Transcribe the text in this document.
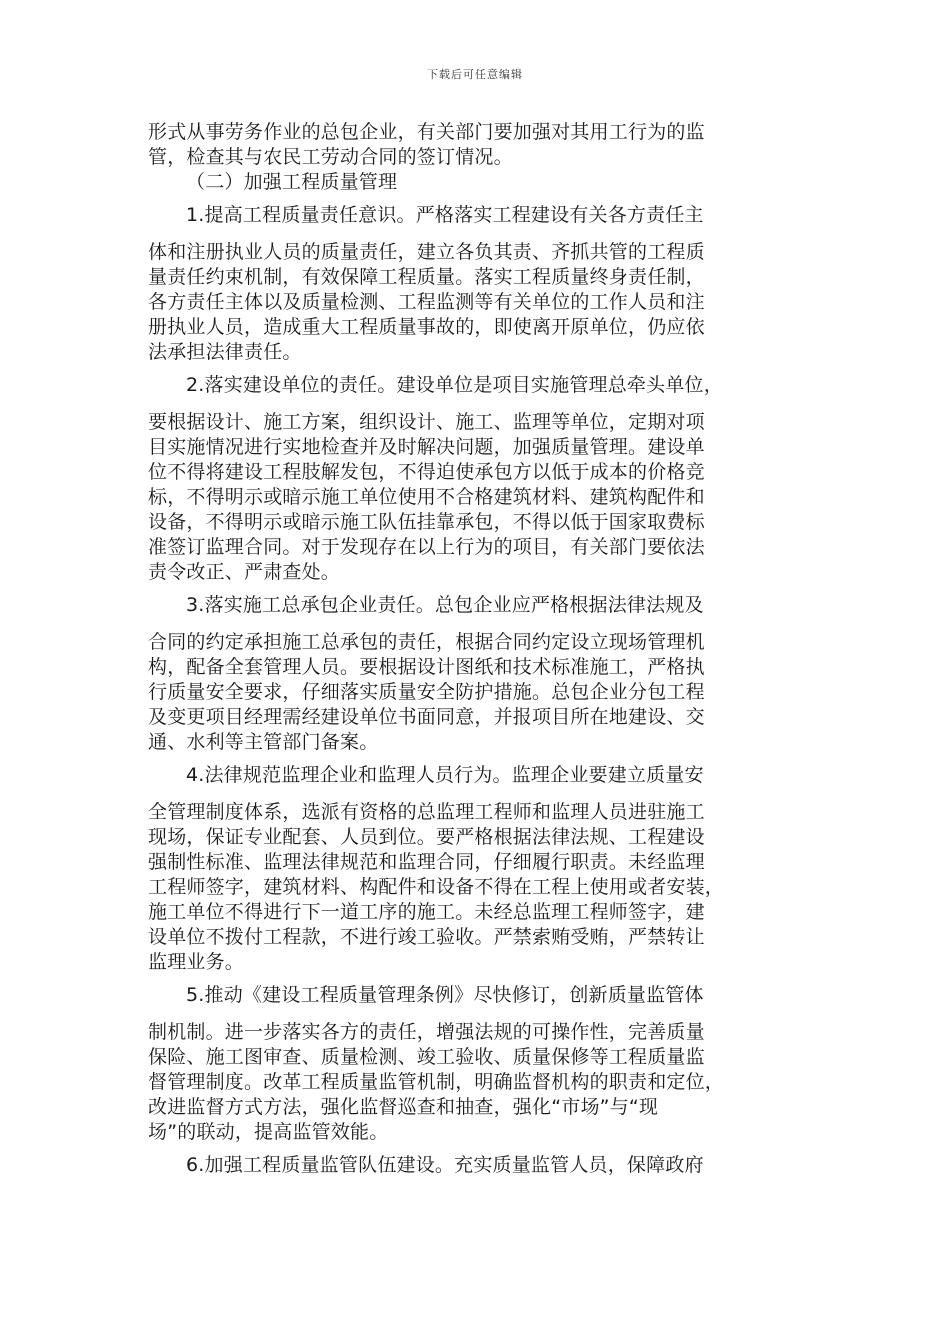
下载后可任意编辑
形式从事劳务作业的总包企业，有关部门要加强对其用工行为的监
管，检查其与农民工劳动合同的签订情况。
（二）加强工程质量管理
1.提高工程质量责任意识。严格落实工程建设有关各方责任主
体和注册执业人员的质量责任，建立各负其责、齐抓共管的工程质
量责任约束机制，有效保障工程质量。落实工程质量终身责任制，
各方责任主体以及质量检测、工程监测等有关单位的工作人员和注
册执业人员，造成重大工程质量事故的，即使离开原单位，仍应依
法承担法律责任。
2.落实建设单位的责任。建设单位是项目实施管理总牵头单位，
要根据设计、施工方案，组织设计、施工、监理等单位，定期对项
目实施情况进行实地检查并及时解决问题，加强质量管理。建设单
位不得将建设工程肢解发包，不得迫使承包方以低于成本的价格竞
标，不得明示或暗示施工单位使用不合格建筑材料、建筑构配件和
设备，不得明示或暗示施工队伍挂靠承包，不得以低于国家取费标
准签订监理合同。对于发现存在以上行为的项目，有关部门要依法
责令改正、严肃查处。
3.落实施工总承包企业责任。总包企业应严格根据法律法规及
合同的约定承担施工总承包的责任，根据合同约定设立现场管理机
构，配备全套管理人员。要根据设计图纸和技术标准施工，严格执
行质量安全要求，仔细落实质量安全防护措施。总包企业分包工程
及变更项目经理需经建设单位书面同意，并报项目所在地建设、交
通、水利等主管部门备案。
4.法律规范监理企业和监理人员行为。监理企业要建立质量安
全管理制度体系，选派有资格的总监理工程师和监理人员进驻施工
现场，保证专业配套、人员到位。要严格根据法律法规、工程建设
强制性标准、监理法律规范和监理合同，仔细履行职责。未经监理
工程师签字，建筑材料、构配件和设备不得在工程上使用或者安装，
施工单位不得进行下一道工序的施工。未经总监理工程师签字，建
设单位不拨付工程款，不进行竣工验收。严禁索贿受贿，严禁转让
监理业务。
5.推动《建设工程质量管理条例》尽快修订，创新质量监管体
制机制。进一步落实各方的责任，增强法规的可操作性，完善质量
保险、施工图审查、质量检测、竣工验收、质量保修等工程质量监
督管理制度。改革工程质量监管机制，明确监督机构的职责和定位，
改进监督方式方法，强化监督巡查和抽查，强化“市场”与“现
场”的联动，提高监管效能。
6.加强工程质量监管队伍建设。充实质量监管人员，保障政府
